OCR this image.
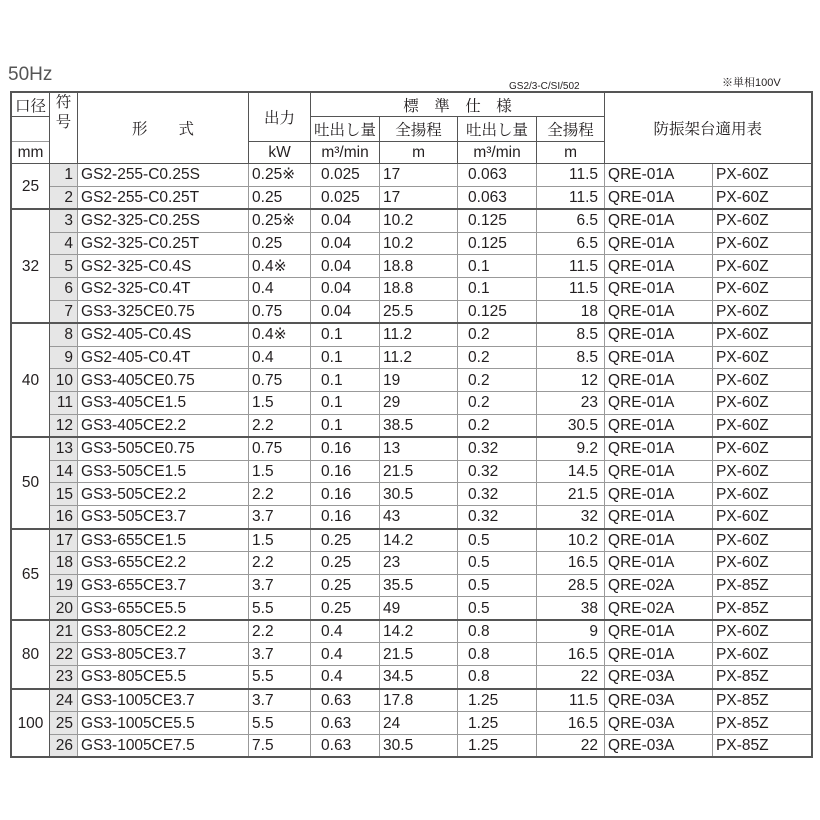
50Hz
GS2/3-C/SI/502	※単相100V
口径	符号	形　　式	出力	標　準　仕　様				防振架台適用表	
				吐出し量	全揚程	吐出し量	全揚程		
mm			kW	m³/min	m	m³/min	m		
25	1	GS2-255-C0.25S	0.25※	0.025	17	0.063	11.5	QRE-01A	PX-60Z
	2	GS2-255-C0.25T	0.25	0.025	17	0.063	11.5	QRE-01A	PX-60Z
32	3	GS2-325-C0.25S	0.25※	0.04	10.2	0.125	6.5	QRE-01A	PX-60Z
	4	GS2-325-C0.25T	0.25	0.04	10.2	0.125	6.5	QRE-01A	PX-60Z
	5	GS2-325-C0.4S	0.4※	0.04	18.8	0.1	11.5	QRE-01A	PX-60Z
	6	GS2-325-C0.4T	0.4	0.04	18.8	0.1	11.5	QRE-01A	PX-60Z
	7	GS3-325CE0.75	0.75	0.04	25.5	0.125	18	QRE-01A	PX-60Z
40	8	GS2-405-C0.4S	0.4※	0.1	11.2	0.2	8.5	QRE-01A	PX-60Z
	9	GS2-405-C0.4T	0.4	0.1	11.2	0.2	8.5	QRE-01A	PX-60Z
	10	GS3-405CE0.75	0.75	0.1	19	0.2	12	QRE-01A	PX-60Z
	11	GS3-405CE1.5	1.5	0.1	29	0.2	23	QRE-01A	PX-60Z
	12	GS3-405CE2.2	2.2	0.1	38.5	0.2	30.5	QRE-01A	PX-60Z
50	13	GS3-505CE0.75	0.75	0.16	13	0.32	9.2	QRE-01A	PX-60Z
	14	GS3-505CE1.5	1.5	0.16	21.5	0.32	14.5	QRE-01A	PX-60Z
	15	GS3-505CE2.2	2.2	0.16	30.5	0.32	21.5	QRE-01A	PX-60Z
	16	GS3-505CE3.7	3.7	0.16	43	0.32	32	QRE-01A	PX-60Z
65	17	GS3-655CE1.5	1.5	0.25	14.2	0.5	10.2	QRE-01A	PX-60Z
	18	GS3-655CE2.2	2.2	0.25	23	0.5	16.5	QRE-01A	PX-60Z
	19	GS3-655CE3.7	3.7	0.25	35.5	0.5	28.5	QRE-02A	PX-85Z
	20	GS3-655CE5.5	5.5	0.25	49	0.5	38	QRE-02A	PX-85Z
80	21	GS3-805CE2.2	2.2	0.4	14.2	0.8	9	QRE-01A	PX-60Z
	22	GS3-805CE3.7	3.7	0.4	21.5	0.8	16.5	QRE-01A	PX-60Z
	23	GS3-805CE5.5	5.5	0.4	34.5	0.8	22	QRE-03A	PX-85Z
100	24	GS3-1005CE3.7	3.7	0.63	17.8	1.25	11.5	QRE-03A	PX-85Z
	25	GS3-1005CE5.5	5.5	0.63	24	1.25	16.5	QRE-03A	PX-85Z
	26	GS3-1005CE7.5	7.5	0.63	30.5	1.25	22	QRE-03A	PX-85Z
